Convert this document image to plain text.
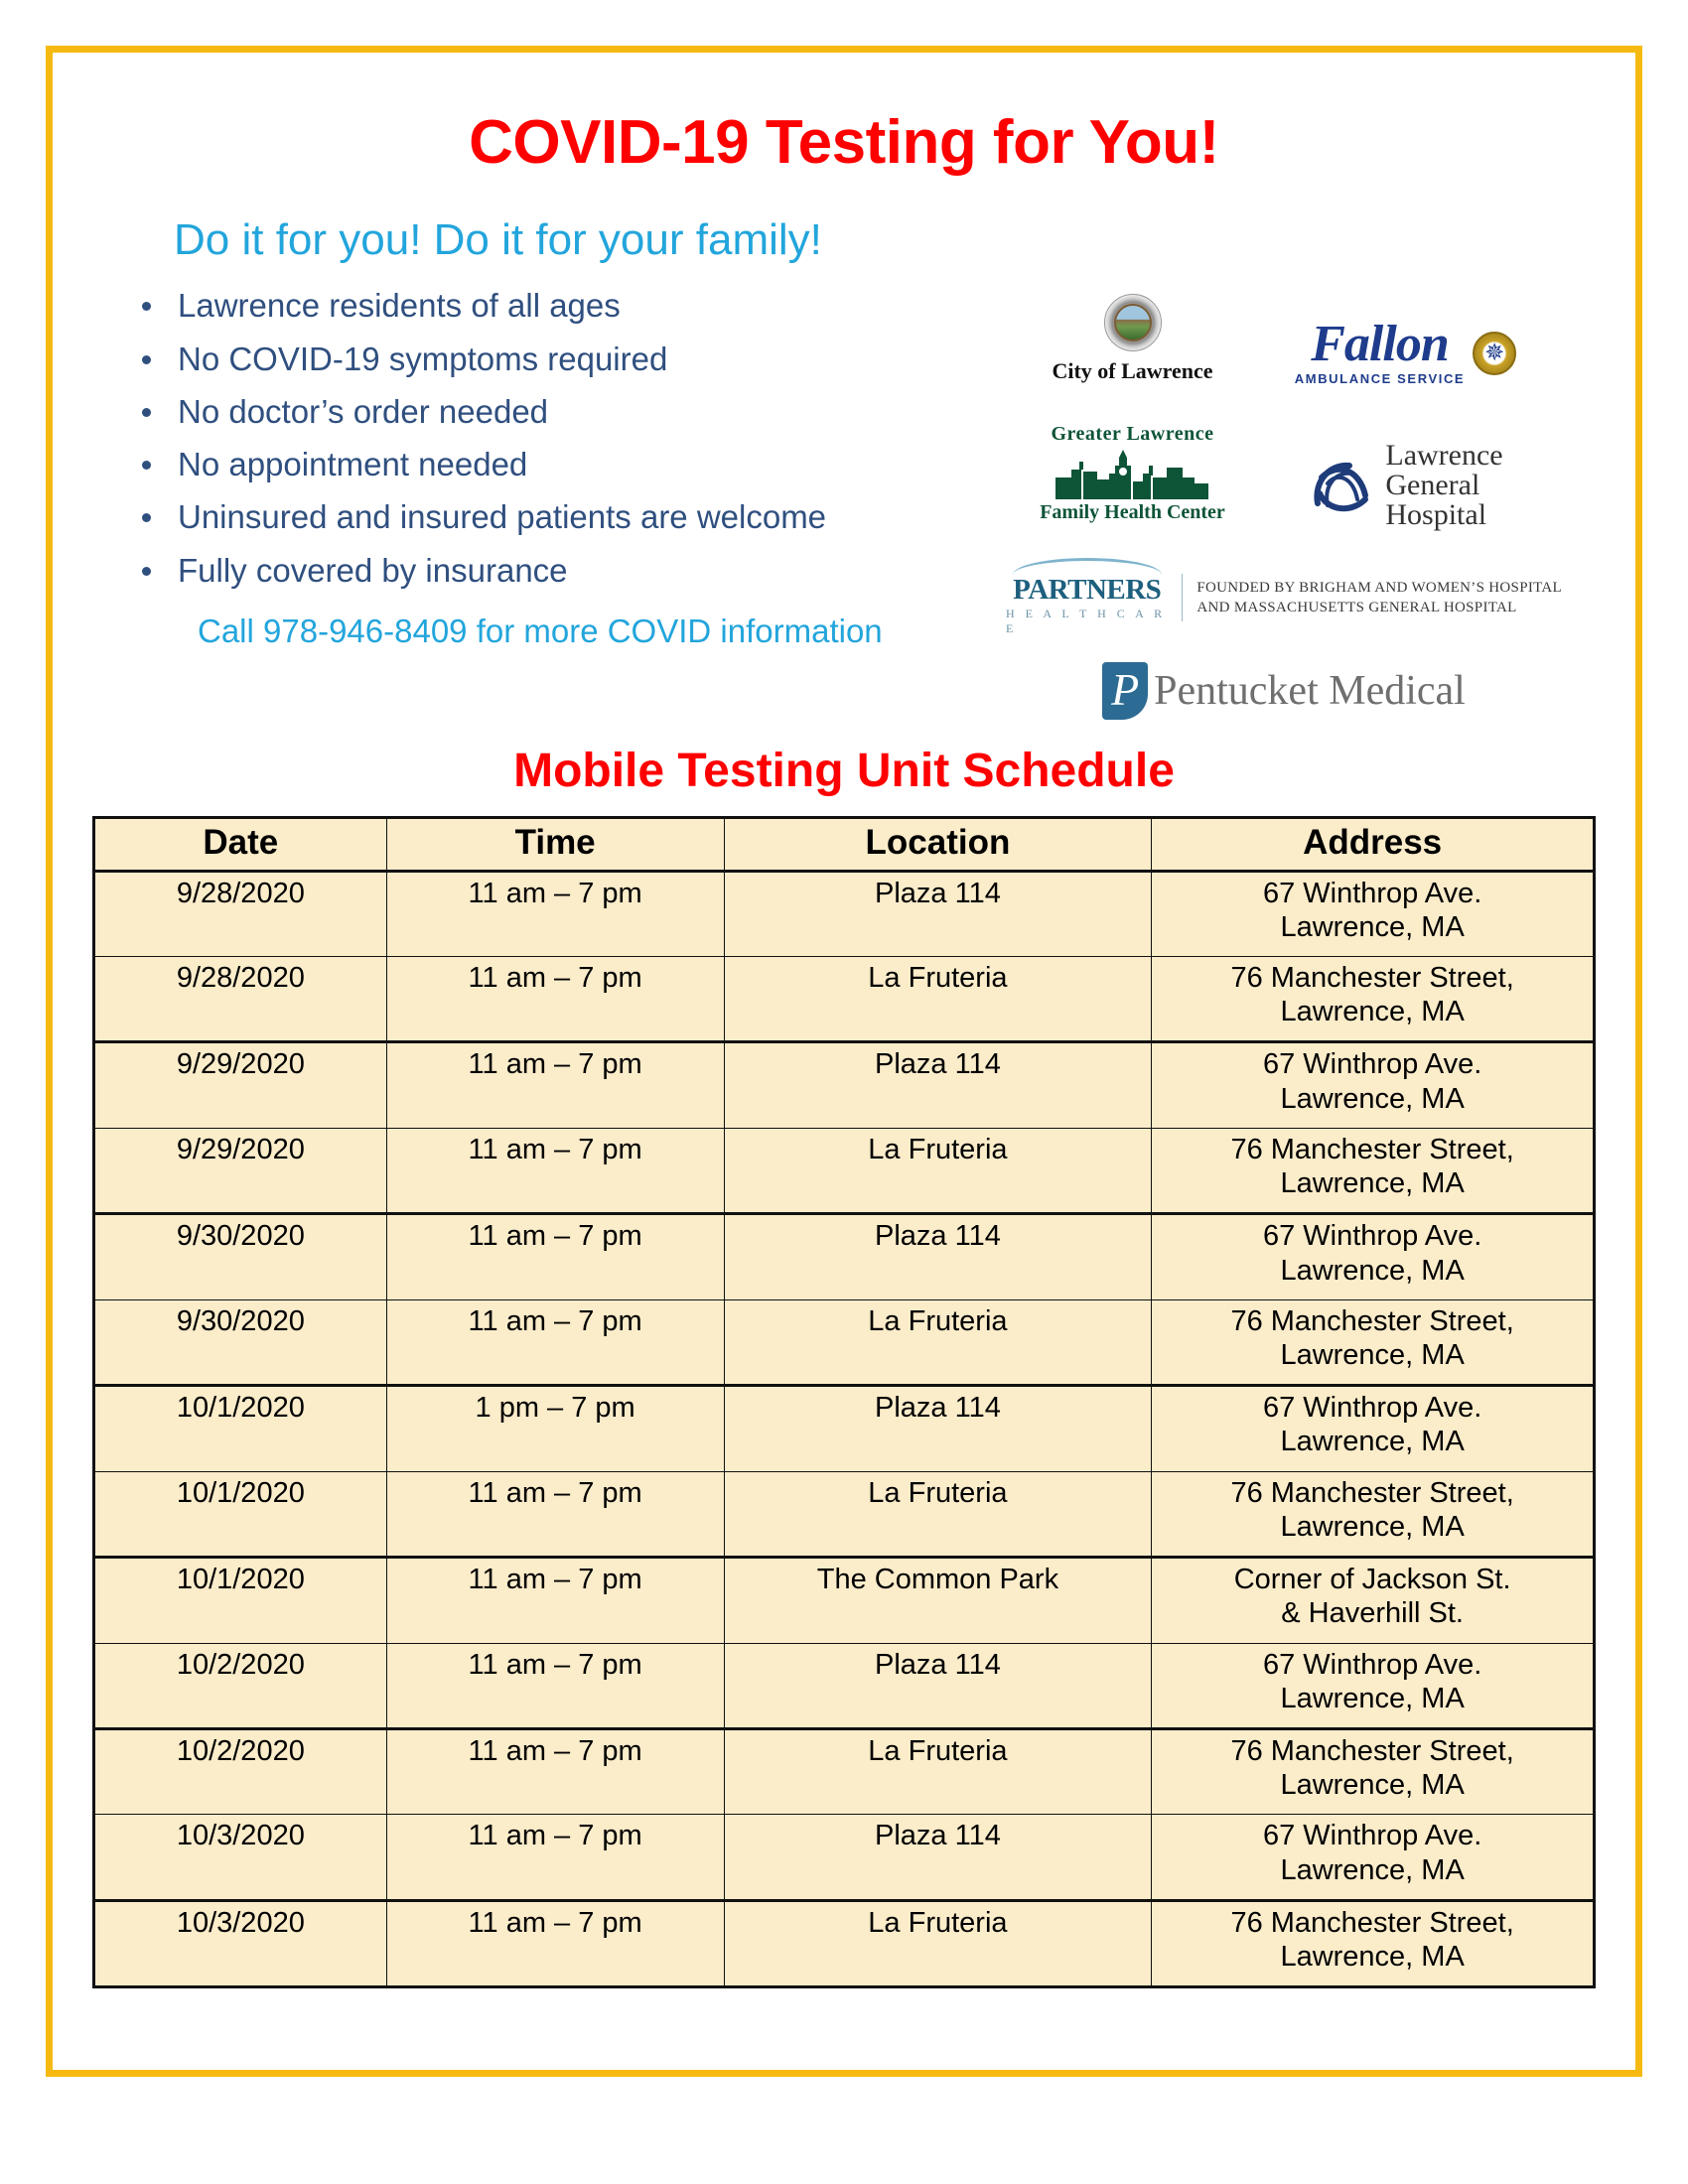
COVID-19 Testing for You!
Do it for you! Do it for your family!
Lawrence residents of all ages
No COVID-19 symptoms required
No doctor’s order needed
No appointment needed
Uninsured and insured patients are welcome
Fully covered by insurance
Call 978-946-8409 for more COVID information
City of Lawrence Fallon
AMBULANCE SERVICE
✵
Greater Lawrence
Family Health Center
Lawrence
General
Hospital
PARTNERS
H E A L T H C A R E
FOUNDED BY BRIGHAM AND WOMEN’S HOSPITAL
AND MASSACHUSETTS GENERAL HOSPITAL
P
Pentucket Medical
Mobile Testing Unit Schedule
Date	Time	Location	Address
9/28/2020	11 am – 7 pm	Plaza 114	67 Winthrop Ave.
Lawrence, MA

9/28/2020	11 am – 7 pm	La Fruteria	76 Manchester Street,
Lawrence, MA

9/29/2020	11 am – 7 pm	Plaza 114	67 Winthrop Ave.
Lawrence, MA

9/29/2020	11 am – 7 pm	La Fruteria	76 Manchester Street,
Lawrence, MA

9/30/2020	11 am – 7 pm	Plaza 114	67 Winthrop Ave.
Lawrence, MA

9/30/2020	11 am – 7 pm	La Fruteria	76 Manchester Street,
Lawrence, MA

10/1/2020	1 pm – 7 pm	Plaza 114	67 Winthrop Ave.
Lawrence, MA

10/1/2020	11 am – 7 pm	La Fruteria	76 Manchester Street,
Lawrence, MA

10/1/2020	11 am – 7 pm	The Common Park	Corner of Jackson St.
& Haverhill St.

10/2/2020	11 am – 7 pm	Plaza 114	67 Winthrop Ave.
Lawrence, MA

10/2/2020	11 am – 7 pm	La Fruteria	76 Manchester Street,
Lawrence, MA

10/3/2020	11 am – 7 pm	Plaza 114	67 Winthrop Ave.
Lawrence, MA

10/3/2020	11 am – 7 pm	La Fruteria	76 Manchester Street,
Lawrence, MA
